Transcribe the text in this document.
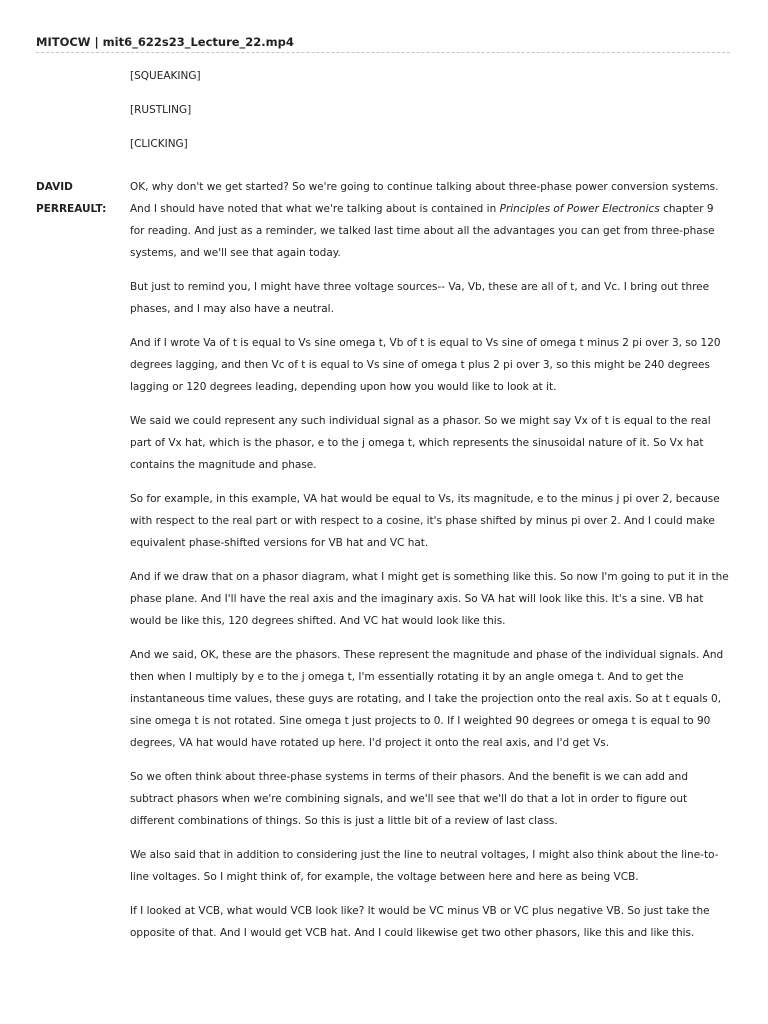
MITOCW | mit6_622s23_Lecture_22.mp4
[SQUEAKING]
[RUSTLING]
[CLICKING]
DAVID
PERREAULT:

OK, why don't we get started? So we're going to continue talking about three-phase power conversion systems. And I should have noted that what we're talking about is contained in Principles of Power Electronics chapter 9 for reading. And just as a reminder, we talked last time about all the advantages you can get from three-phase systems, and we'll see that again today.

But just to remind you, I might have three voltage sources-- Va, Vb, these are all of t, and Vc. I bring out three phases, and I may also have a neutral.

And if I wrote Va of t is equal to Vs sine omega t, Vb of t is equal to Vs sine of omega t minus 2 pi over 3, so 120 degrees lagging, and then Vc of t is equal to Vs sine of omega t plus 2 pi over 3, so this might be 240 degrees lagging or 120 degrees leading, depending upon how you would like to look at it.

We said we could represent any such individual signal as a phasor. So we might say Vx of t is equal to the real part of Vx hat, which is the phasor, e to the j omega t, which represents the sinusoidal nature of it. So Vx hat contains the magnitude and phase.

So for example, in this example, VA hat would be equal to Vs, its magnitude, e to the minus j pi over 2, because with respect to the real part or with respect to a cosine, it's phase shifted by minus pi over 2. And I could make equivalent phase-shifted versions for VB hat and VC hat.

And if we draw that on a phasor diagram, what I might get is something like this. So now I'm going to put it in the phase plane. And I'll have the real axis and the imaginary axis. So VA hat will look like this. It's a sine. VB hat would be like this, 120 degrees shifted. And VC hat would look like this.

And we said, OK, these are the phasors. These represent the magnitude and phase of the individual signals. And then when I multiply by e to the j omega t, I'm essentially rotating it by an angle omega t. And to get the instantaneous time values, these guys are rotating, and I take the projection onto the real axis. So at t equals 0, sine omega t is not rotated. Sine omega t just projects to 0. If I weighted 90 degrees or omega t is equal to 90 degrees, VA hat would have rotated up here. I'd project it onto the real axis, and I'd get Vs.

So we often think about three-phase systems in terms of their phasors. And the benefit is we can add and subtract phasors when we're combining signals, and we'll see that we'll do that a lot in order to figure out different combinations of things. So this is just a little bit of a review of last class.

We also said that in addition to considering just the line to neutral voltages, I might also think about the line-to-line voltages. So I might think of, for example, the voltage between here and here as being VCB.

If I looked at VCB, what would VCB look like? It would be VC minus VB or VC plus negative VB. So just take the opposite of that. And I would get VCB hat. And I could likewise get two other phasors, like this and like this.
